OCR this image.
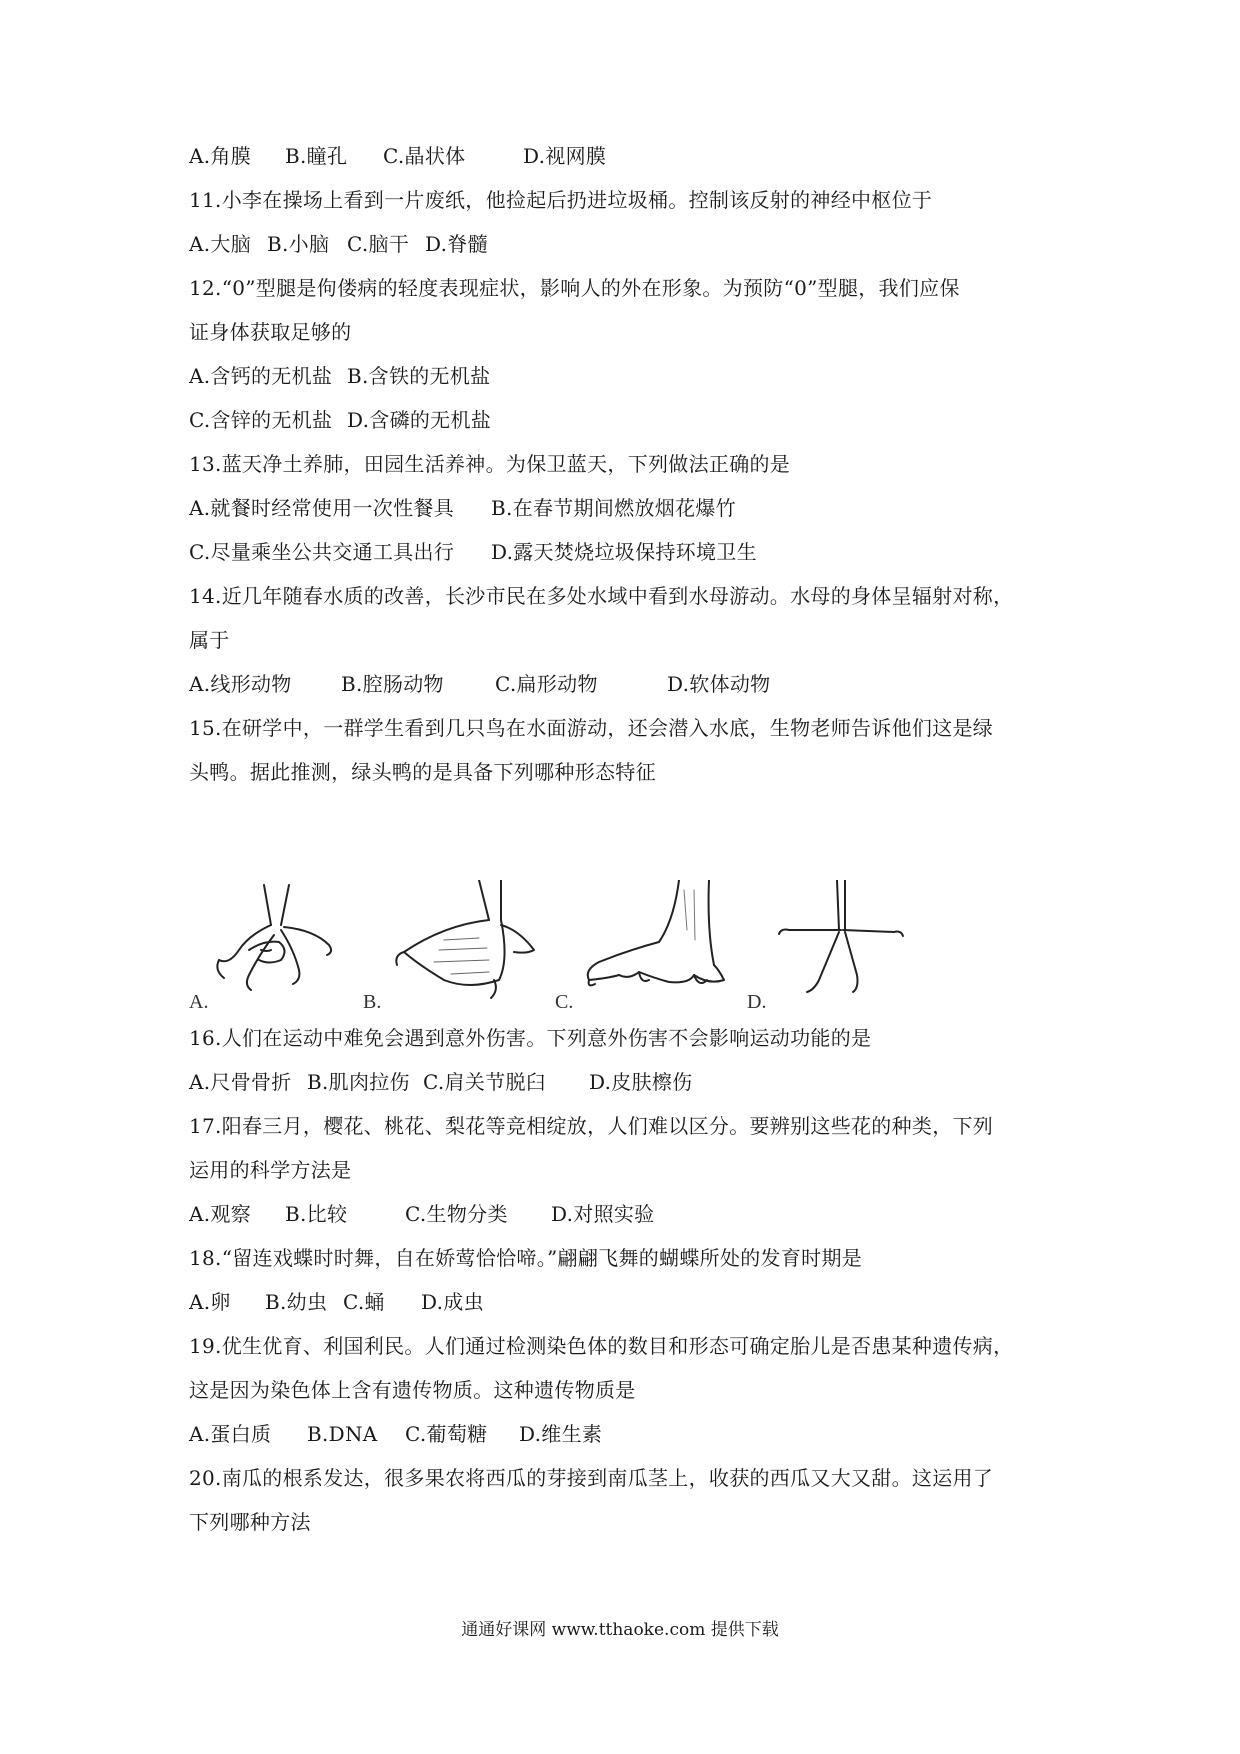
A.角膜

B.瞳孔

C.晶状体

	D.视网膜

11.小李在操场上看到一片废纸，他捡起后扔进垃圾桶。控制该反射的神经中枢位于

A.大脑

B.小脑

C.脑干

D.脊髓

12.“0”型腿是佝偻病的轻度表现症状，影响人的外在形象。为预防“0”型腿，我们应保
证身体获取足够的

A.含钙的无机盐

B.含铁的无机盐

C.含锌的无机盐

D.含磷的无机盐

13.蓝天净土养肺，田园生活养神。为保卫蓝天，下列做法正确的是

A.就餐时经常使用一次性餐具

B.在春节期间燃放烟花爆竹

C.尽量乘坐公共交通工具出行

D.露天焚烧垃圾保持环境卫生

14.近几年随春水质的改善，长沙市民在多处水域中看到水母游动。水母的身体呈辐射对称，
属于

A.线形动物

B.腔肠动物

	C.扁形动物

	D.软体动物

15.在研学中，一群学生看到几只鸟在水面游动，还会潜入水底，生物老师告诉他们这是绿
头鸭。据此推测，绿头鸭的是具备下列哪种形态特征
A.	B.	C.	D.
16.人们在运动中难免会遇到意外伤害。下列意外伤害不会影响运动功能的是

A.尺骨骨折

B.肌肉拉伤

C.肩关节脱臼

D.皮肤檫伤

17.阳春三月，樱花、桃花、梨花等竞相绽放，人们难以区分。要辨别这些花的种类，下列
运用的科学方法是

A.观察

B.比较

	C.生物分类

D.对照实验

18.“留连戏蝶时时舞，自在娇莺恰恰啼。”翩翩飞舞的蝴蝶所处的发育时期是

A.卵

B.幼虫

C.蛹

D.成虫

19.优生优育、利国利民。人们通过检测染色体的数目和形态可确定胎儿是否患某种遗传病，
这是因为染色体上含有遗传物质。这种遗传物质是

A.蛋白质

B.DNA

C.葡萄糖

D.维生素

20.南瓜的根系发达，很多果农将西瓜的芽接到南瓜茎上，收获的西瓜又大又甜。这运用了
下列哪种方法
通通好课网 www.tthaoke.com 提供下载
